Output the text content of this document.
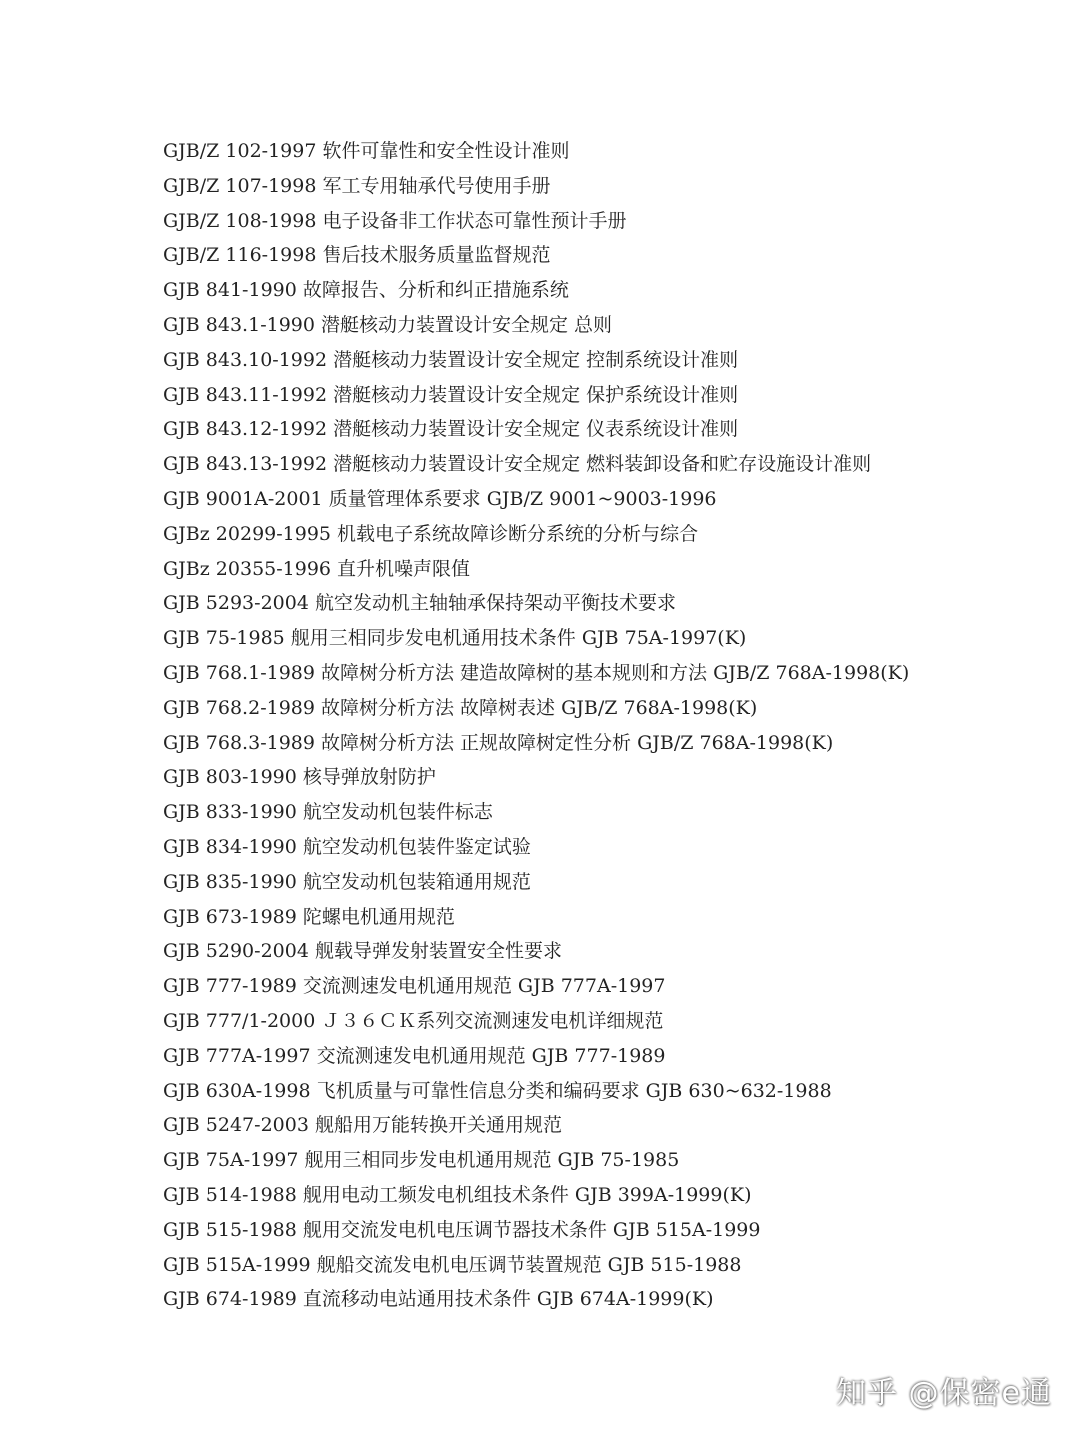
GJB/Z 102-1997 软件可靠性和安全性设计准则
GJB/Z 107-1998 军工专用轴承代号使用手册
GJB/Z 108-1998 电子设备非工作状态可靠性预计手册
GJB/Z 116-1998 售后技术服务质量监督规范
GJB 841-1990 故障报告、分析和纠正措施系统
GJB 843.1-1990 潜艇核动力装置设计安全规定 总则
GJB 843.10-1992 潜艇核动力装置设计安全规定 控制系统设计准则
GJB 843.11-1992 潜艇核动力装置设计安全规定 保护系统设计准则
GJB 843.12-1992 潜艇核动力装置设计安全规定 仪表系统设计准则
GJB 843.13-1992 潜艇核动力装置设计安全规定 燃料装卸设备和贮存设施设计准则
GJB 9001A-2001 质量管理体系要求 GJB/Z 9001~9003-1996
GJBz 20299-1995 机载电子系统故障诊断分系统的分析与综合
GJBz 20355-1996 直升机噪声限值
GJB 5293-2004 航空发动机主轴轴承保持架动平衡技术要求
GJB 75-1985 舰用三相同步发电机通用技术条件 GJB 75A-1997(K)
GJB 768.1-1989 故障树分析方法 建造故障树的基本规则和方法 GJB/Z 768A-1998(K)
GJB 768.2-1989 故障树分析方法 故障树表述 GJB/Z 768A-1998(K)
GJB 768.3-1989 故障树分析方法 正规故障树定性分析 GJB/Z 768A-1998(K)
GJB 803-1990 核导弹放射防护
GJB 833-1990 航空发动机包装件标志
GJB 834-1990 航空发动机包装件鉴定试验
GJB 835-1990 航空发动机包装箱通用规范
GJB 673-1989 陀螺电机通用规范
GJB 5290-2004 舰载导弹发射装置安全性要求
GJB 777-1989 交流测速发电机通用规范 GJB 777A-1997
GJB 777/1-2000 Ｊ３６ＣＫ系列交流测速发电机详细规范
GJB 777A-1997 交流测速发电机通用规范 GJB 777-1989
GJB 630A-1998 飞机质量与可靠性信息分类和编码要求 GJB 630~632-1988
GJB 5247-2003 舰船用万能转换开关通用规范
GJB 75A-1997 舰用三相同步发电机通用规范 GJB 75-1985
GJB 514-1988 舰用电动工频发电机组技术条件 GJB 399A-1999(K)
GJB 515-1988 舰用交流发电机电压调节器技术条件 GJB 515A-1999
GJB 515A-1999 舰船交流发电机电压调节装置规范 GJB 515-1988
GJB 674-1989 直流移动电站通用技术条件 GJB 674A-1999(K)
知乎 @保密e通
